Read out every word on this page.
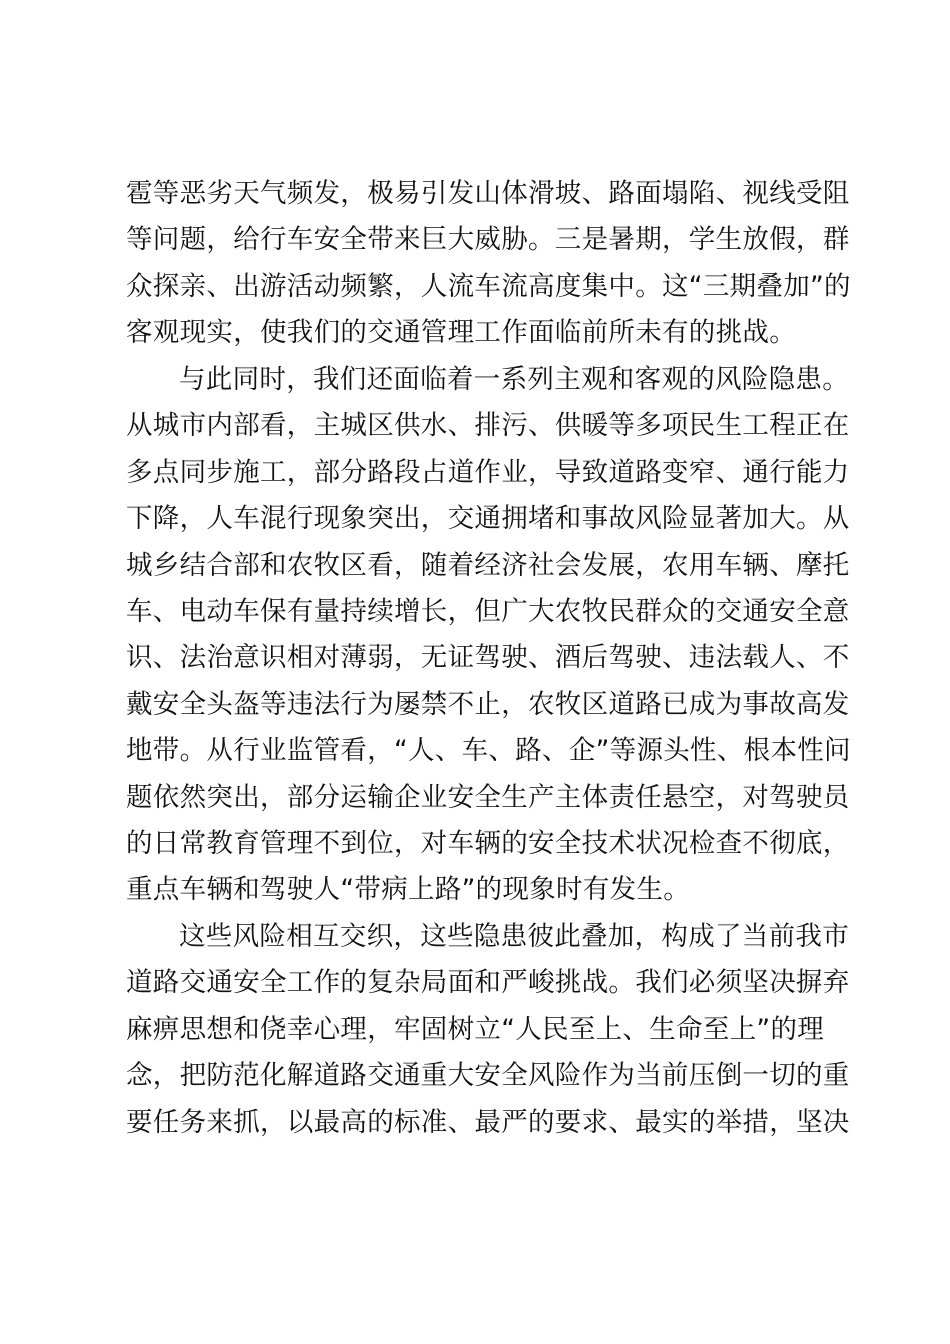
雹等恶劣天气频发，极易引发山体滑坡、路面塌陷、视线受阻
等问题，给行车安全带来巨大威胁。三是暑期，学生放假，群
众探亲、出游活动频繁，人流车流高度集中。这“三期叠加”的
客观现实，使我们的交通管理工作面临前所未有的挑战。
与此同时，我们还面临着一系列主观和客观的风险隐患。
从城市内部看，主城区供水、排污、供暖等多项民生工程正在
多点同步施工，部分路段占道作业，导致道路变窄、通行能力
下降，人车混行现象突出，交通拥堵和事故风险显著加大。从
城乡结合部和农牧区看，随着经济社会发展，农用车辆、摩托
车、电动车保有量持续增长，但广大农牧民群众的交通安全意
识、法治意识相对薄弱，无证驾驶、酒后驾驶、违法载人、不
戴安全头盔等违法行为屡禁不止，农牧区道路已成为事故高发
地带。从行业监管看，“人、车、路、企”等源头性、根本性问
题依然突出，部分运输企业安全生产主体责任悬空，对驾驶员
的日常教育管理不到位，对车辆的安全技术状况检查不彻底，
重点车辆和驾驶人“带病上路”的现象时有发生。
这些风险相互交织，这些隐患彼此叠加，构成了当前我市
道路交通安全工作的复杂局面和严峻挑战。我们必须坚决摒弃
麻痹思想和侥幸心理，牢固树立“人民至上、生命至上”的理
念，把防范化解道路交通重大安全风险作为当前压倒一切的重
要任务来抓，以最高的标准、最严的要求、最实的举措，坚决
